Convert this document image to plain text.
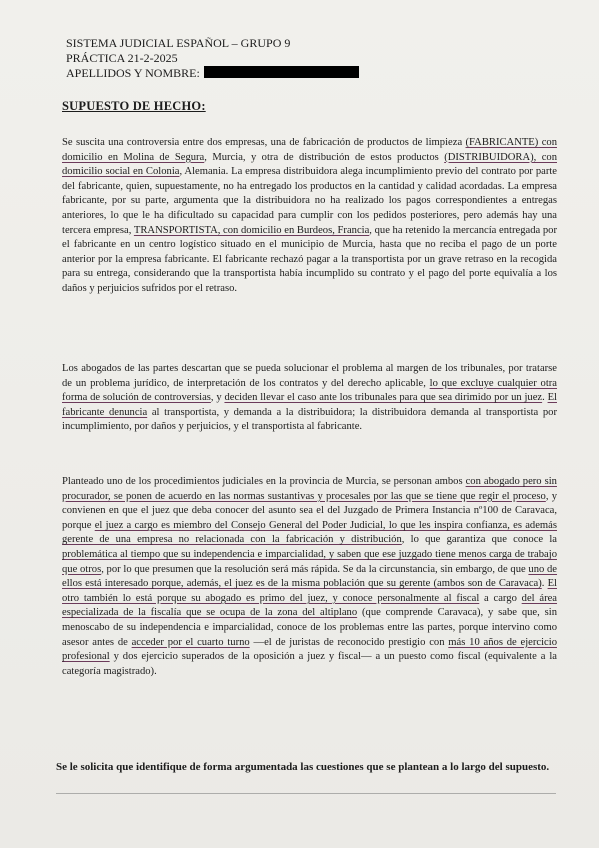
SISTEMA JUDICIAL ESPAÑOL – GRUPO 9
PRÁCTICA 21-2-2025
APELLIDOS Y NOMBRE:
SUPUESTO DE HECHO:

Se suscita una controversia entre dos empresas, una de fabricación de productos de limpieza (FABRICANTE) con domicilio en Molina de Segura, Murcia, y otra de distribución de estos productos (DISTRIBUIDORA), con domicilio social en Colonia, Alemania. La empresa distribuidora alega incumplimiento previo del contrato por parte del fabricante, quien, supuestamente, no ha entregado los productos en la cantidad y calidad acordadas. La empresa fabricante, por su parte, argumenta que la distribuidora no ha realizado los pagos correspondientes a entregas anteriores, lo que le ha dificultado su capacidad para cumplir con los pedidos posteriores, pero además hay una tercera empresa, TRANSPORTISTA, con domicilio en Burdeos, Francia, que ha retenido la mercancía entregada por el fabricante en un centro logístico situado en el municipio de Murcia, hasta que no reciba el pago de un porte anterior por la empresa fabricante. El fabricante rechazó pagar a la transportista por un grave retraso en la recogida para su entrega, considerando que la transportista había incumplido su contrato y el pago del porte equivalía a los daños y perjuicios sufridos por el retraso.

Los abogados de las partes descartan que se pueda solucionar el problema al margen de los tribunales, por tratarse de un problema jurídico, de interpretación de los contratos y del derecho aplicable, lo que excluye cualquier otra forma de solución de controversias, y deciden llevar el caso ante los tribunales para que sea dirimido por un juez. El fabricante denuncia al transportista, y demanda a la distribuidora; la distribuidora demanda al transportista por incumplimiento, por daños y perjuicios, y el transportista al fabricante.

Planteado uno de los procedimientos judiciales en la provincia de Murcia, se personan ambos con abogado pero sin procurador, se ponen de acuerdo en las normas sustantivas y procesales por las que se tiene que regir el proceso, y convienen en que el juez que deba conocer del asunto sea el del Juzgado de Primera Instancia nº100 de Caravaca, porque el juez a cargo es miembro del Consejo General del Poder Judicial, lo que les inspira confianza, es además gerente de una empresa no relacionada con la fabricación y distribución, lo que garantiza que conoce la problemática al tiempo que su independencia e imparcialidad, y saben que ese juzgado tiene menos carga de trabajo que otros, por lo que presumen que la resolución será más rápida. Se da la circunstancia, sin embargo, de que uno de ellos está interesado porque, además, el juez es de la misma población que su gerente (ambos son de Caravaca). El otro también lo está porque su abogado es primo del juez, y conoce personalmente al fiscal a cargo del área especializada de la fiscalía que se ocupa de la zona del altiplano (que comprende Caravaca), y sabe que, sin menoscabo de su independencia e imparcialidad, conoce de los problemas entre las partes, porque intervino como asesor antes de acceder por el cuarto turno —el de juristas de reconocido prestigio con más 10 años de ejercicio profesional y dos ejercicio superados de la oposición a juez y fiscal— a un puesto como fiscal (equivalente a la categoría magistrado).

Se le solicita que identifique de forma argumentada las cuestiones que se plantean a lo largo del supuesto.
